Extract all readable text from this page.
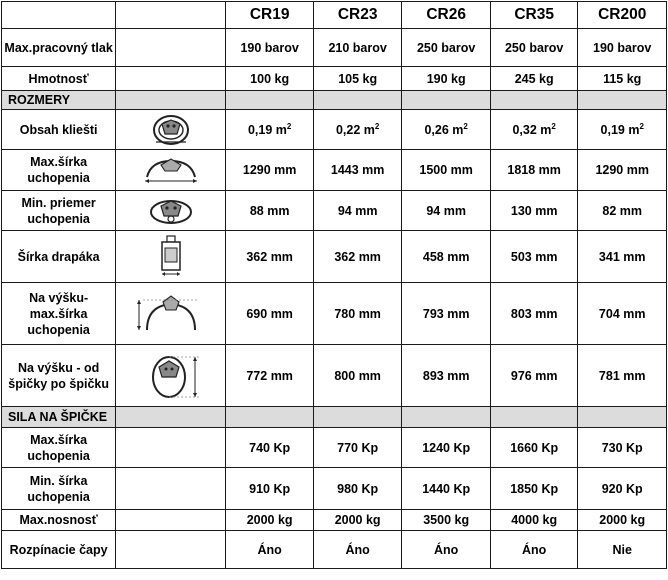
		CR19	CR23	CR26	CR35	CR200
Max.pracovný tlak		190 barov	210 barov	250 barov	250 barov	190 barov
Hmotnosť		100 kg	105 kg	190 kg	245 kg	115 kg
ROZMERY						
Obsah kliešti		0,19 $m^2$	0,22 $m^2$	0,26 $m^2$	0,32 $m^2$	0,19 $m^2$
Max.šírka uchopenia		1290 mm	1443 mm	1500 mm	1818 mm	1290 mm
Min. priemer uchopenia		88 mm	94 mm	94 mm	130 mm	82 mm
Šírka drapáka		362 mm	362 mm	458 mm	503 mm	341 mm
Na výšku-max.šírka uchopenia		690 mm	780 mm	793 mm	803 mm	704 mm
Na výšku - od špičky po špičku		772 mm	800 mm	893 mm	976 mm	781 mm
SILA NA ŠPIČKE						
Max.šírka uchopenia		740 Kp	770 Kp	1240 Kp	1660 Kp	730 Kp
Min. šírka uchopenia		910 Kp	980 Kp	1440 Kp	1850 Kp	920 Kp
Max.nosnosť		2000 kg	2000 kg	3500 kg	4000 kg	2000 kg
Rozpínacie čapy		Áno	Áno	Áno	Áno	Nie
